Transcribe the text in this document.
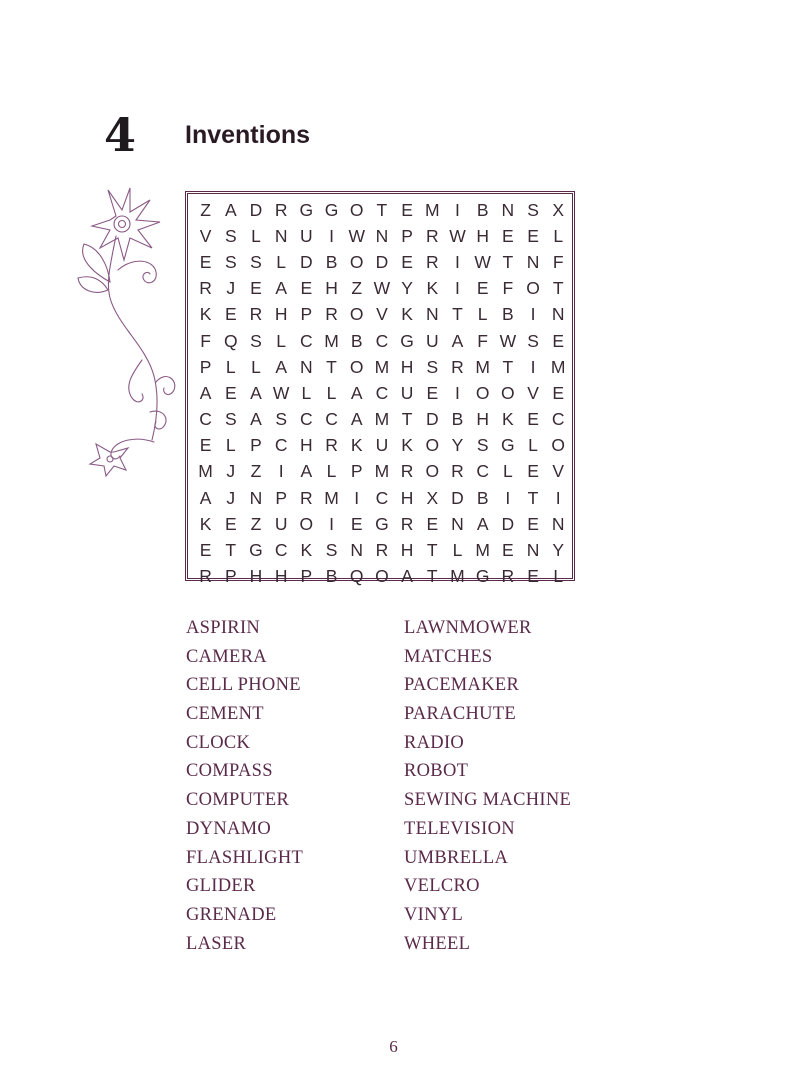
4 Inventions
Z A D R G G O T E M I B N S X
V S L N U I W N P R W H E E L
E S S L D B O D E R I W T N F
R J E A E H Z W Y K I E F O T
K E R H P R O V K N T L B I N
F Q S L C M B C G U A F W S E
P L L A N T O M H S R M T I M
A E A W L L A C U E I O O V E
C S A S C C A M T D B H K E C
E L P C H R K U K O Y S G L O
M J Z I A L P M R O R C L E V
A J N P R M I C H X D B I T I
K E Z U O I E G R E N A D E N
E T G C K S N R H T L M E N Y
R P H H P B Q O A T M G R E L
ASPIRIN
CAMERA
CELL PHONE
CEMENT
CLOCK
COMPASS
COMPUTER
DYNAMO
FLASHLIGHT
GLIDER
GRENADE
LASER
LAWNMOWER
MATCHES
PACEMAKER
PARACHUTE
RADIO
ROBOT
SEWING MACHINE
TELEVISION
UMBRELLA
VELCRO
VINYL
WHEEL
6
